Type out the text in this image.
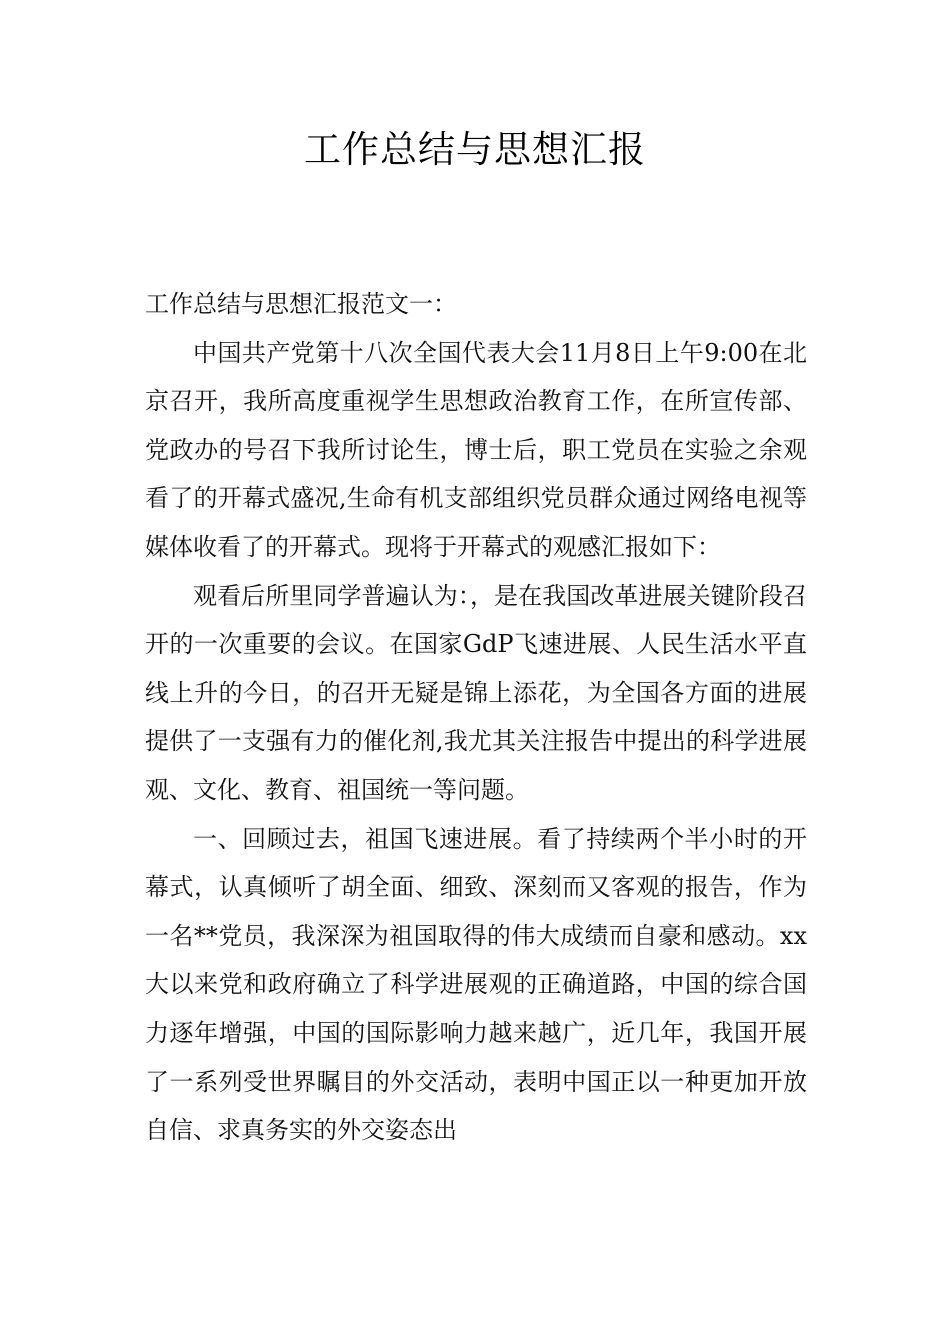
工作总结与思想汇报

工作总结与思想汇报范文一：

中国共产党第十八次全国代表大会11月8日上午9:00在北京召开，我所高度重视学生思想政治教育工作，在所宣传部、党政办的号召下我所讨论生，博士后，职工党员在实验之余观看了的开幕式盛况,生命有机支部组织党员群众通过网络电视等媒体收看了的开幕式。现将于开幕式的观感汇报如下：

观看后所里同学普遍认为：，是在我国改革进展关键阶段召开的一次重要的会议。在国家GdP飞速进展、人民生活水平直线上升的今日，的召开无疑是锦上添花，为全国各方面的进展提供了一支强有力的催化剂,我尤其关注报告中提出的科学进展观、文化、教育、祖国统一等问题。

一、回顾过去，祖国飞速进展。看了持续两个半小时的开幕式，认真倾听了胡全面、细致、深刻而又客观的报告，作为一名**党员，我深深为祖国取得的伟大成绩而自豪和感动。xx大以来党和政府确立了科学进展观的正确道路，中国的综合国力逐年增强，中国的国际影响力越来越广，近几年，我国开展了一系列受世界瞩目的外交活动，表明中国正以一种更加开放自信、求真务实的外交姿态出
